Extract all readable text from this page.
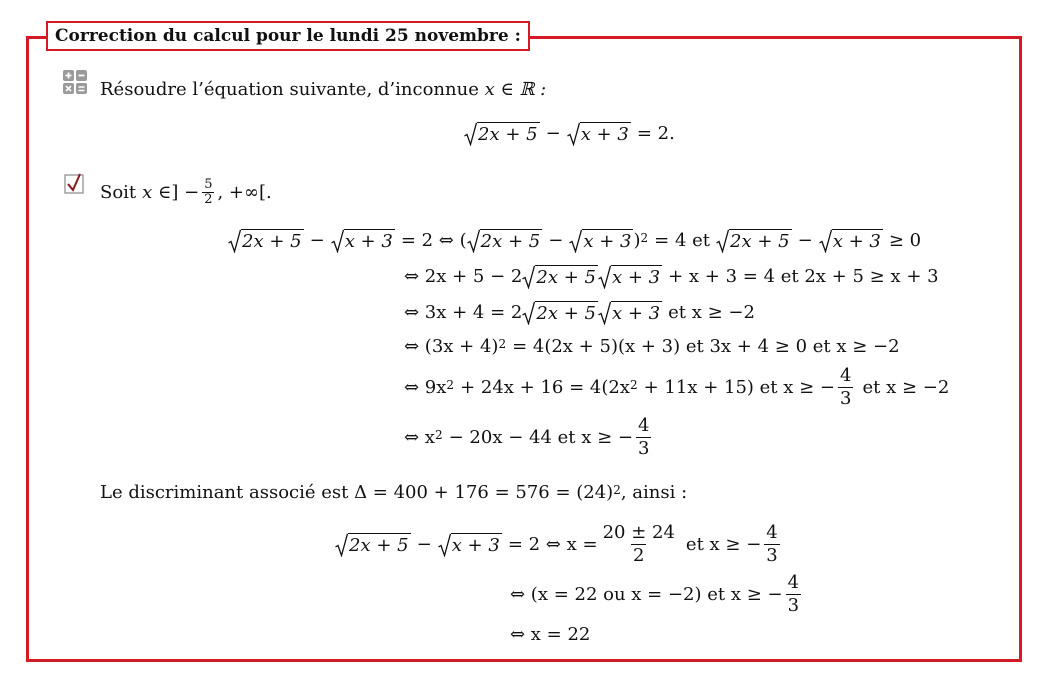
Correction du calcul pour le lundi 25 novembre :
Résoudre l’équation suivante, d’inconnue x ∈ ℝ :
2x + 5 − x + 3 = 2.
Soit x ∈ ] − $\frac{5}{2}$ , +∞[.
2x + 5 − x + 3 = 2 ⇔ ( 2x + 5 − x + 3 )$^2$ = 4 et 2x + 5 − x + 3 ≥ 0
⇔ 2x + 5 − 2 2x + 5 x + 3 + x + 3 = 4 et 2x + 5 ≥ x + 3
⇔ 3x + 4 = 2 2x + 5 x + 3 et x ≥ −2
⇔ $(3x + 4)^2 = 4(2x + 5)(x + 3)$ et 3x + 4 ≥ 0 et x ≥ −2
⇔ $9x^2 + 24x + 16 = 4(2x^2 + 11x + 15)$ et x ≥ − $\frac{4}{3}$ et x ≥ −2
⇔ $x^2 - 20x - 44$ et x ≥ − $\frac{4}{3}$
Le discriminant associé est $\Delta = 400 + 176 = 576 = (24)^2$ , ainsi :
2x + 5 − x + 3 = 2 ⇔ $x = \frac{20 \pm 24}{2}$ et x ≥ − $\frac{4}{3}$
⇔ (x = 22 ou x = −2) et x ≥ − $\frac{4}{3}$
⇔ x = 22
